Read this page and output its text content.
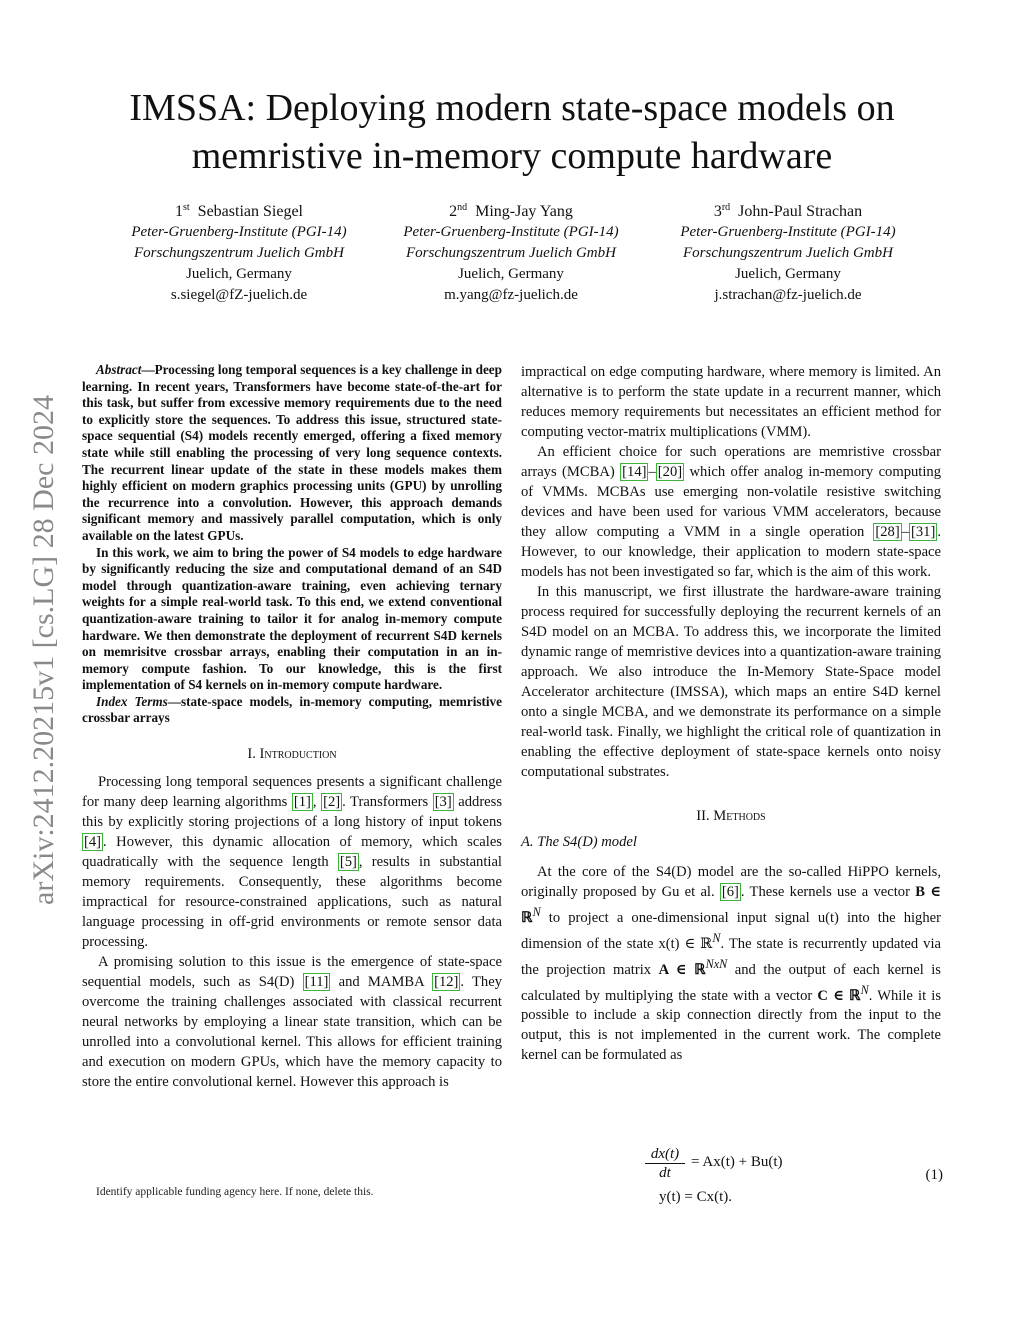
arXiv:2412.20215v1 [cs.LG] 28 Dec 2024
IMSSA: Deploying modern state-space models on
memristive in-memory compute hardware
1st Sebastian Siegel
Peter-Gruenberg-Institute (PGI-14)
Forschungszentrum Juelich GmbH
Juelich, Germany
s.siegel@fZ-juelich.de
2nd Ming-Jay Yang
Peter-Gruenberg-Institute (PGI-14)
Forschungszentrum Juelich GmbH
Juelich, Germany
m.yang@fz-juelich.de
3rd John-Paul Strachan
Peter-Gruenberg-Institute (PGI-14)
Forschungszentrum Juelich GmbH
Juelich, Germany
j.strachan@fz-juelich.de

Abstract—Processing long temporal sequences is a key challenge in deep learning. In recent years, Transformers have become state-of-the-art for this task, but suffer from excessive memory requirements due to the need to explicitly store the sequences. To address this issue, structured state-space sequential (S4) models recently emerged, offering a fixed memory state while still enabling the processing of very long sequence contexts. The recurrent linear update of the state in these models makes them highly efficient on modern graphics processing units (GPU) by unrolling the recurrence into a convolution. However, this approach demands significant memory and massively parallel computation, which is only available on the latest GPUs.

In this work, we aim to bring the power of S4 models to edge hardware by significantly reducing the size and computational demand of an S4D model through quantization-aware training, even achieving ternary weights for a simple real-world task. To this end, we extend conventional quantization-aware training to tailor it for analog in-memory compute hardware. We then demonstrate the deployment of recurrent S4D kernels on memrisitve crossbar arrays, enabling their computation in an in-memory compute fashion. To our knowledge, this is the first implementation of S4 kernels on in-memory compute hardware.

Index Terms—state-space models, in-memory computing, memristive crossbar arrays

I. Introduction

Processing long temporal sequences presents a significant challenge for many deep learning algorithms [1] , [2] . Transformers [3] address this by explicitly storing projections of a long history of input tokens [4] . However, this dynamic allocation of memory, which scales quadratically with the sequence length [5] , results in substantial memory requirements. Consequently, these algorithms become impractical for resource-constrained applications, such as natural language processing in off-grid environments or remote sensor data processing.

A promising solution to this issue is the emergence of state-space sequential models, such as S4(D) [11] and MAMBA [12] . They overcome the training challenges associated with classical recurrent neural networks by employing a linear state transition, which can be unrolled into a convolutional kernel. This allows for efficient training and execution on modern GPUs, which have the memory capacity to store the entire convolutional kernel. However this approach is

Identify applicable funding agency here. If none, delete this.

impractical on edge computing hardware, where memory is limited. An alternative is to perform the state update in a recurrent manner, which reduces memory requirements but necessitates an efficient method for computing vector-matrix multiplications (VMM).

An efficient choice for such operations are memristive crossbar arrays (MCBA) [14] – [20] which offer analog in-memory computing of VMMs. MCBAs use emerging non-volatile resistive switching devices and have been used for various VMM accelerators, because they allow computing a VMM in a single operation [28] – [31] . However, to our knowledge, their application to modern state-space models has not been investigated so far, which is the aim of this work.

In this manuscript, we first illustrate the hardware-aware training process required for successfully deploying the recurrent kernels of an S4D model on an MCBA. To address this, we incorporate the limited dynamic range of memristive devices into a quantization-aware training approach. We also introduce the In-Memory State-Space model Accelerator architecture (IMSSA), which maps an entire S4D kernel onto a single MCBA, and we demonstrate its performance on a simple real-world task. Finally, we highlight the critical role of quantization in enabling the effective deployment of state-space kernels onto noisy computational substrates.

II. Methods
A. The S4(D) model

At the core of the S4(D) model are the so-called HiPPO kernels, originally proposed by Gu et al. [6] . These kernels use a vector B ∈ ℝ$^N$ to project a one-dimensional input signal u(t) into the higher dimension of the state x(t) ∈ ℝ$^N$. The state is recurrently updated via the projection matrix A ∈ ℝ$^{NxN}$ and the output of each kernel is calculated by multiplying the state with a vector C ∈ ℝ$^N$. While it is possible to include a skip connection directly from the input to the output, this is not implemented in the current work. The complete kernel can be formulated as

$\frac{dx(t)}{dt} = Ax(t) + Bu(t)$
y(t) = Cx(t).
(1)
